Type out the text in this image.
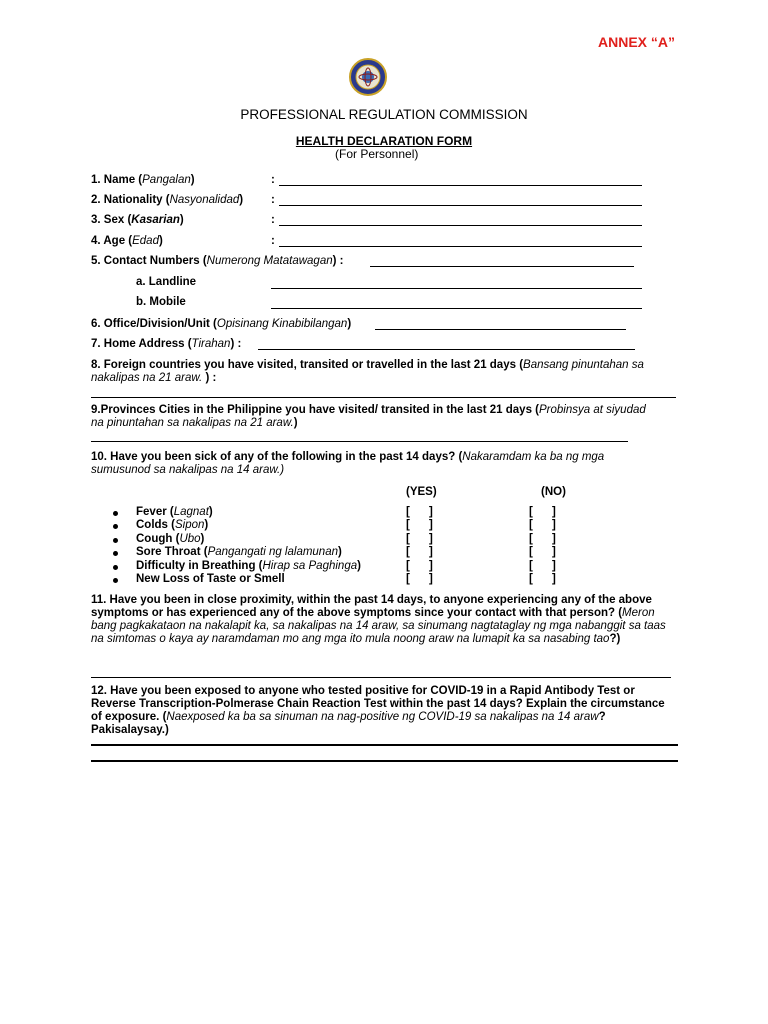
ANNEX “A”
PROFESSIONAL REGULATION COMMISSION
HEALTH DECLARATION FORM
(For Personnel)
1. Name (Pangalan)	:
2. Nationality (Nasyonalidad) :
3. Sex (Kasarian)	:
4. Age (Edad)	:
5. Contact Numbers (Numerong Matatawagan) :
a. Landline
b. Mobile
6. Office/Division/Unit (Opisinang Kinabibilangan)
7. Home Address (Tirahan) :
8. Foreign countries you have visited, transited or travelled in the last 21 days (Bansang pinuntahan sa nakalipas na 21 araw. ) :
9.Provinces Cities in the Philippine you have visited/ transited in the last 21 days (Probinsya at siyudad na pinuntahan sa nakalipas na 21 araw.)
10. Have you been sick of any of the following in the past 14 days? (Nakaramdam ka ba ng mga sumusunod sa nakalipas na 14 araw.)
(YES)	(NO)
Fever (Lagnat)	[      ]	[      ]
Colds (Sipon)	[      ]	[      ]
Cough (Ubo)	[      ]	[      ]
Sore Throat (Pangangati ng lalamunan)	[      ]	[      ]
Difficulty in Breathing (Hirap sa Paghinga)	[      ]	[      ]
New Loss of Taste or Smell	[      ]	[      ]
11. Have you been in close proximity, within the past 14 days, to anyone experiencing any of the above symptoms or has experienced any of the above symptoms since your contact with that person? (Meron bang pagkakataon na nakalapit ka, sa nakalipas na 14 araw, sa sinumang nagtataglay ng mga nabanggit sa taas na simtomas o kaya ay naramdaman mo ang mga ito mula noong araw na lumapit ka sa nasabing tao?)
12. Have you been exposed to anyone who tested positive for COVID-19 in a Rapid Antibody Test or Reverse Transcription-Polmerase Chain Reaction Test within the past 14 days? Explain the circumstance of exposure. (Naexposed ka ba sa sinuman na nag-positive ng COVID-19 sa nakalipas na 14 araw? Pakisalaysay.)
